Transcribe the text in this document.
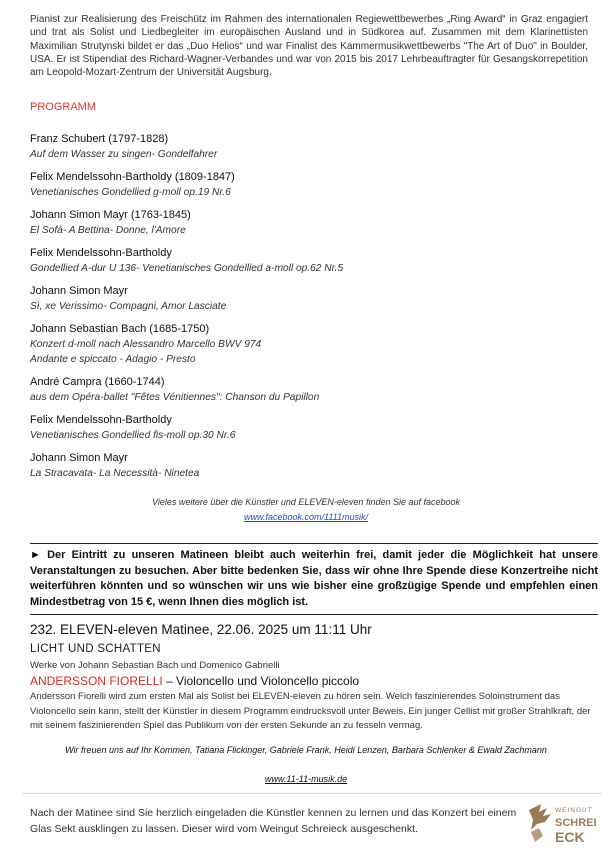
Pianist zur Realisierung des Freischütz im Rahmen des internationalen Regiewettbewerbes „Ring Award“ in Graz engagiert und trat als Solist und Liedbegleiter im europäischen Ausland und in Südkorea auf. Zusammen mit dem Klarinettisten Maximilian Strutynski bildet er das „Duo Helios“ und war Finalist des Kammermusikwettbewerbs "The Art of Duo" in Boulder, USA. Er ist Stipendiat des Richard-Wagner-Verbandes und war von 2015 bis 2017 Lehrbeauftragter für Gesangskorrepetition am Leopold-Mozart-Zentrum der Universität Augsburg.
PROGRAMM
Franz Schubert (1797-1828)
Auf dem Wasser zu singen- Gondelfahrer
Felix Mendelssohn-Bartholdy (1809-1847)
Venetianisches Gondellied g-moll op.19 Nr.6
Johann Simon Mayr (1763-1845)
El Sofà- A Bettina- Donne, l'Amore
Felix Mendelssohn-Bartholdy
Gondellied A-dur U 136- Venetianisches Gondellied a-moll op.62 Nr.5
Johann Simon Mayr
Sì, xe Verissimo- Compagni, Amor Lasciate
Johann Sebastian Bach (1685-1750)
Konzert d-moll nach Alessandro Marcello BWV 974
Andante e spiccato - Adagio - Presto
André Campra (1660-1744)
aus dem Opéra-ballet "Fêtes Vénitiennes": Chanson du Papillon
Felix Mendelssohn-Bartholdy
Venetianisches Gondellied fis-moll op.30 Nr.6
Johann Simon Mayr
La Stracavata- La Necessità- Ninetea
Vieles weitere über die Künstler und ELEVEN-eleven finden Sie auf facebook
www.facebook.com/1111musik/
► Der Eintritt zu unseren Matineen bleibt auch weiterhin frei, damit jeder die Möglichkeit hat unsere Veranstaltungen zu besuchen. Aber bitte bedenken Sie, dass wir ohne Ihre Spende diese Konzertreihe nicht weiterführen könnten und so wünschen wir uns wie bisher eine großzügige Spende und empfehlen einen Mindestbetrag von 15 €, wenn Ihnen dies möglich ist.
232. ELEVEN-eleven Matinee, 22.06. 2025 um 11:11 Uhr
LICHT UND SCHATTEN
Werke von Johann Sebastian Bach und Domenico Gabrielli
ANDERSSON FIORELLI – Violoncello und Violoncello piccolo
Andersson Fiorelli wird zum ersten Mal als Solist bei ELEVEN-eleven zu hören sein. Welch faszinierendes Soloinstrument das Violoncello sein kann, stellt der Künstler in diesem Programm eindrucksvoll unter Beweis. Ein junger Cellist mit großer Strahlkraft, der mit seinem faszinierenden Spiel das Publikum von der ersten Sekunde an zu fesseln vermag.
Wir freuen uns auf Ihr Kommen, Tatiana Flickinger, Gabriele Frank, Heidi Lenzen, Barbara Schlenker & Ewald Zachmann
www.11-11-musik.de
Nach der Matinee sind Sie herzlich eingeladen die Künstler kennen zu lernen und das Konzert bei einem Glas Sekt ausklingen zu lassen. Dieser wird vom Weingut Schreieck ausgeschenkt.
WEINGUT
SCHREI
ECK
